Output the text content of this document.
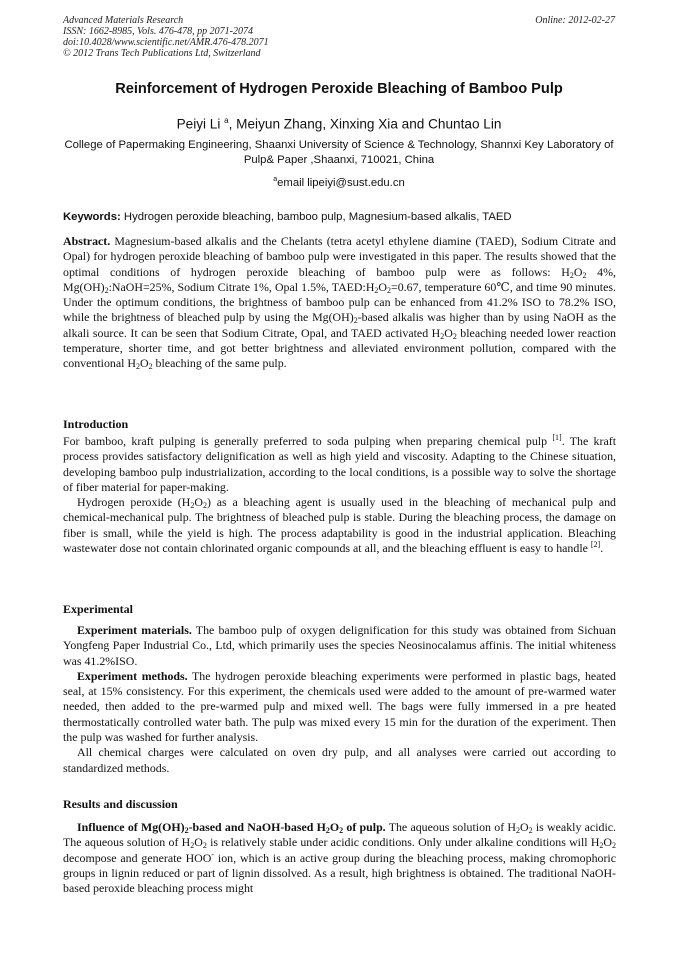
Advanced Materials Research
ISSN: 1662-8985, Vols. 476-478, pp 2071-2074
doi:10.4028/www.scientific.net/AMR.476-478.2071
© 2012 Trans Tech Publications Ltd, Switzerland
Online: 2012-02-27
Reinforcement of Hydrogen Peroxide Bleaching of Bamboo Pulp
Peiyi Li $^a$, Meiyun Zhang, Xinxing Xia and Chuntao Lin
College of Papermaking Engineering, Shaanxi University of Science & Technology, Shannxi Key Laboratory of Pulp& Paper ,Shaanxi, 710021, China
$^a$email lipeiyi@sust.edu.cn
Keywords: Hydrogen peroxide bleaching, bamboo pulp, Magnesium-based alkalis, TAED

Abstract. Magnesium-based alkalis and the Chelants (tetra acetyl ethylene diamine (TAED), Sodium Citrate and Opal) for hydrogen peroxide bleaching of bamboo pulp were investigated in this paper. The results showed that the optimal conditions of hydrogen peroxide bleaching of bamboo pulp were as follows: $H_2O_2$ 4%, $Mg(OH)_2:NaOH=25\%$, Sodium Citrate 1%, Opal 1.5%, $TAED:H_2O_2=0.67$, temperature 60℃, and time 90 minutes. Under the optimum conditions, the brightness of bamboo pulp can be enhanced from 41.2% ISO to 78.2% ISO, while the brightness of bleached pulp by using the $Mg(OH)_2$-based alkalis was higher than by using NaOH as the alkali source. It can be seen that Sodium Citrate, Opal, and TAED activated $H_2O_2$ bleaching needed lower reaction temperature, shorter time, and got better brightness and alleviated environment pollution, compared with the conventional $H_2O_2$ bleaching of the same pulp.

Introduction

For bamboo, kraft pulping is generally preferred to soda pulping when preparing chemical pulp [1]. The kraft process provides satisfactory delignification as well as high yield and viscosity. Adapting to the Chinese situation, developing bamboo pulp industrialization, according to the local conditions, is a possible way to solve the shortage of fiber material for paper-making.

Hydrogen peroxide $(H_2O_2)$ as a bleaching agent is usually used in the bleaching of mechanical pulp and chemical-mechanical pulp. The brightness of bleached pulp is stable. During the bleaching process, the damage on fiber is small, while the yield is high. The process adaptability is good in the industrial application. Bleaching wastewater dose not contain chlorinated organic compounds at all, and the bleaching effluent is easy to handle [2].

Experimental

Experiment materials. The bamboo pulp of oxygen delignification for this study was obtained from Sichuan Yongfeng Paper Industrial Co., Ltd, which primarily uses the species Neosinocalamus affinis. The initial whiteness was 41.2%ISO.

Experiment methods. The hydrogen peroxide bleaching experiments were performed in plastic bags, heated seal, at 15% consistency. For this experiment, the chemicals used were added to the amount of pre-warmed water needed, then added to the pre-warmed pulp and mixed well. The bags were fully immersed in a pre heated thermostatically controlled water bath. The pulp was mixed every 15 min for the duration of the experiment. Then the pulp was washed for further analysis.

All chemical charges were calculated on oven dry pulp, and all analyses were carried out according to standardized methods.

Results and discussion

Influence of $Mg(OH)_2$-based and NaOH-based $H_2O_2$ of pulp. The aqueous solution of $H_2O_2$ is weakly acidic. The aqueous solution of $H_2O_2$ is relatively stable under acidic conditions. Only under alkaline conditions will $H_2O_2$ decompose and generate HOO- ion, which is an active group during the bleaching process, making chromophoric groups in lignin reduced or part of lignin dissolved. As a result, high brightness is obtained. The traditional NaOH-based peroxide bleaching process might
